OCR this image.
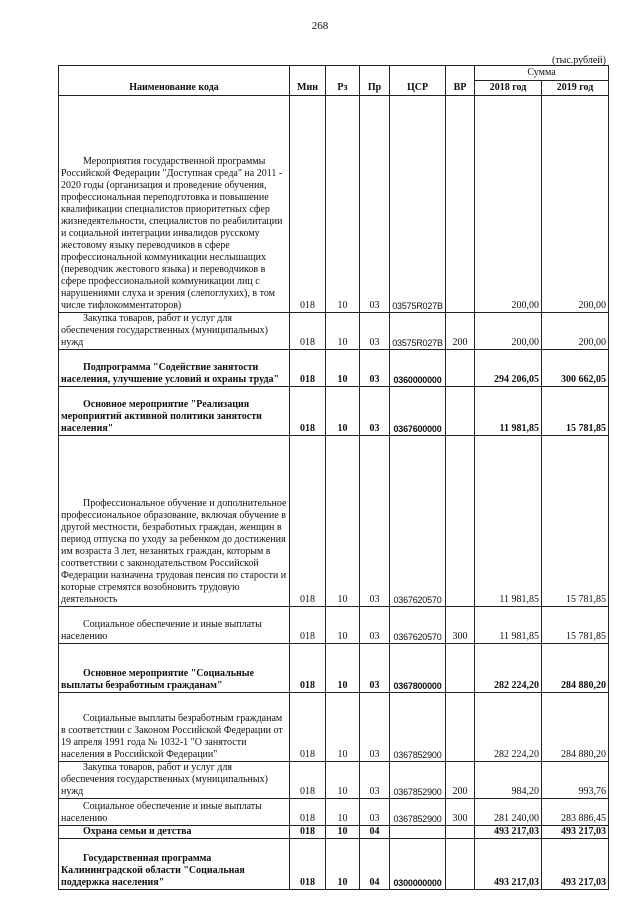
268
(тыс.рублей)
Наименование кода	Мин	Рз	Пр	ЦСР	ВР	Сумма	
						2018 год	2019 год

Мероприятия государственной программы Российской Федерации "Доступная среда" на 2011 - 2020 годы (организация и проведение обучения, профессиональная переподготовка и повышение квалификации специалистов приоритетных сфер жизнедеятельности, специалистов по реабилитации и социальной интеграции инвалидов русскому жестовому языку переводчиков в сфере профессиональной коммуникации неслышащих (переводчик жестового языка) и переводчиков в сфере профессиональной коммуникации лиц с нарушениями слуха и зрения (слепоглухих), в том числе тифлокомментаторов)	018	10	03	03575R027B		200,00	200,00

Закупка товаров, работ и услуг для обеспечения государственных (муниципальных) нужд	018	10	03	03575R027B	200	200,00	200,00

Подпрограмма "Содействие занятости населения, улучшение условий и охраны труда"	018	10	03	0360000000		294 206,05	300 662,05

Основное мероприятие "Реализация мероприятий активной политики занятости населения"	018	10	03	0367600000		11 981,85	15 781,85

Профессиональное обучение и дополнительное профессиональное образование, включая обучение в другой местности, безработных граждан, женщин в период отпуска по уходу за ребенком до достижения им возраста 3 лет, незанятых граждан, которым в соответствии с законодательством Российской Федерации назначена трудовая пенсия по старости и которые стремятся возобновить трудовую деятельность	018	10	03	0367620570		11 981,85	15 781,85

Социальное обеспечение и иные выплаты населению	018	10	03	0367620570	300	11 981,85	15 781,85

Основное мероприятие "Социальные выплаты безработным гражданам"	018	10	03	0367800000		282 224,20	284 880,20

Социальные выплаты безработным гражданам в соответствии с Законом Российской Федерации от 19 апреля 1991 года № 1032-1 "О занятости населения в Российской Федерации"	018	10	03	0367852900		282 224,20	284 880,20

Закупка товаров, работ и услуг для обеспечения государственных (муниципальных) нужд	018	10	03	0367852900	200	984,20	993,76

Социальное обеспечение и иные выплаты населению	018	10	03	0367852900	300	281 240,00	283 886,45

Охрана семьи и детства	018	10	04			493 217,03	493 217,03

Государственная программа Калининградской области "Социальная поддержка населения"	018	10	04	0300000000		493 217,03	493 217,03
